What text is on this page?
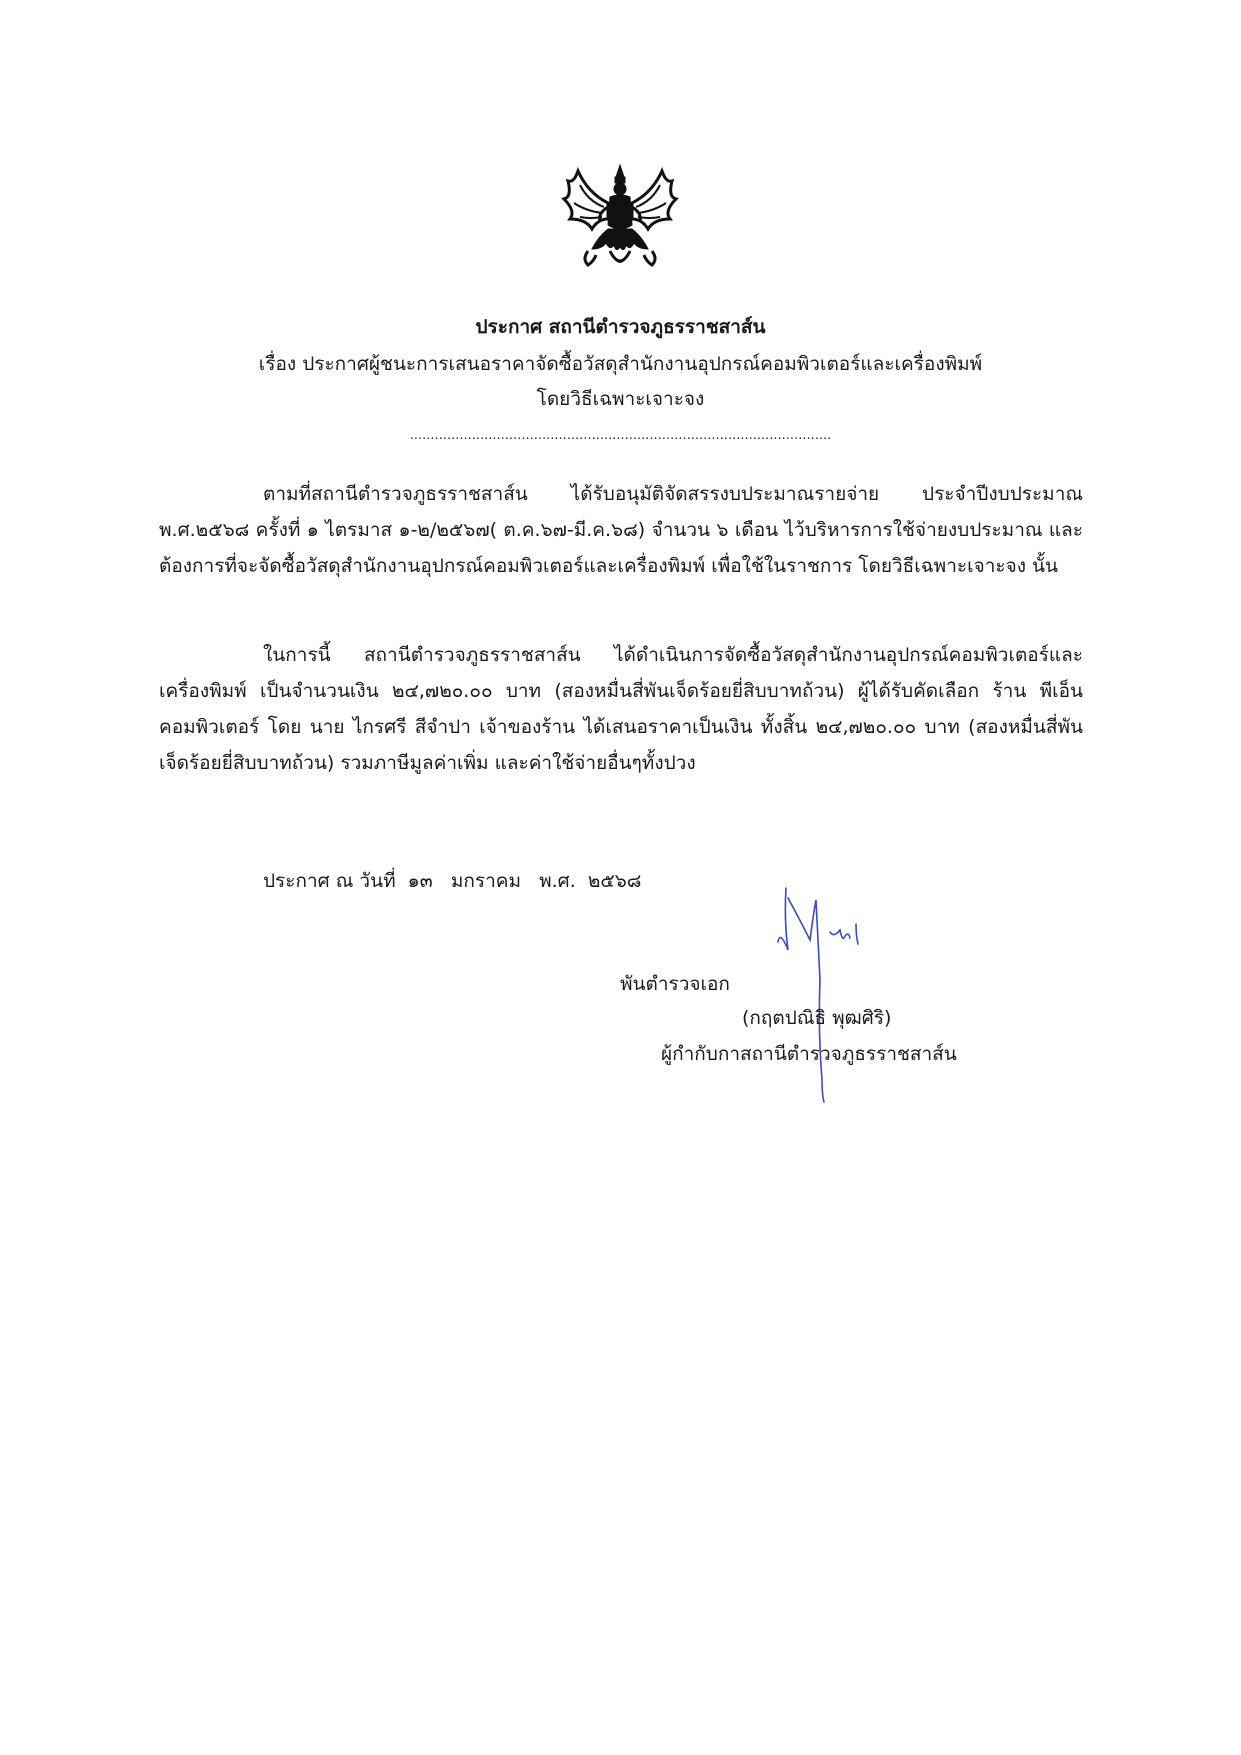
ประกาศ สถานีตำรวจภูธรราชสาส์น
เรื่อง ประกาศผู้ชนะการเสนอราคาจัดซื้อวัสดุสำนักงานอุปกรณ์คอมพิวเตอร์และเครื่องพิมพ์
โดยวิธีเฉพาะเจาะจง
......................................................................................................
ตามที่สถานีตำรวจภูธรราชสาส์น ได้รับอนุมัติจัดสรรงบประมาณรายจ่าย ประจำปีงบประมาณ พ.ศ.๒๕๖๘ ครั้งที่ ๑ ไตรมาส ๑-๒/๒๕๖๗( ต.ค.๖๗-มี.ค.๖๘) จำนวน ๖ เดือน ไว้บริหารการใช้จ่ายงบประมาณ และต้องการที่จะจัดซื้อวัสดุสำนักงานอุปกรณ์คอมพิวเตอร์และเครื่องพิมพ์ เพื่อใช้ในราชการ โดยวิธีเฉพาะเจาะจง นั้น
ในการนี้ สถานีตำรวจภูธรราชสาส์น ได้ดำเนินการจัดซื้อวัสดุสำนักงานอุปกรณ์คอมพิวเตอร์และเครื่องพิมพ์ เป็นจำนวนเงิน ๒๔,๗๒๐.๐๐ บาท (สองหมื่นสี่พันเจ็ดร้อยยี่สิบบาทถ้วน) ผู้ได้รับคัดเลือก ร้าน พีเอ็น คอมพิวเตอร์ โดย นาย ไกรศรี สีจำปา เจ้าของร้าน ได้เสนอราคาเป็นเงิน ทั้งสิ้น ๒๔,๗๒๐.๐๐ บาท (สองหมื่นสี่พันเจ็ดร้อยยี่สิบบาทถ้วน) รวมภาษีมูลค่าเพิ่ม และค่าใช้จ่ายอื่นๆทั้งปวง
ประกาศ ณ วันที่  ๑๓   มกราคม   พ.ศ.  ๒๕๖๘
พันตำรวจเอก
(กฤตปณิธิ พุฒศิริ)
ผู้กำกับกาสถานีตำรวจภูธรราชสาส์น
